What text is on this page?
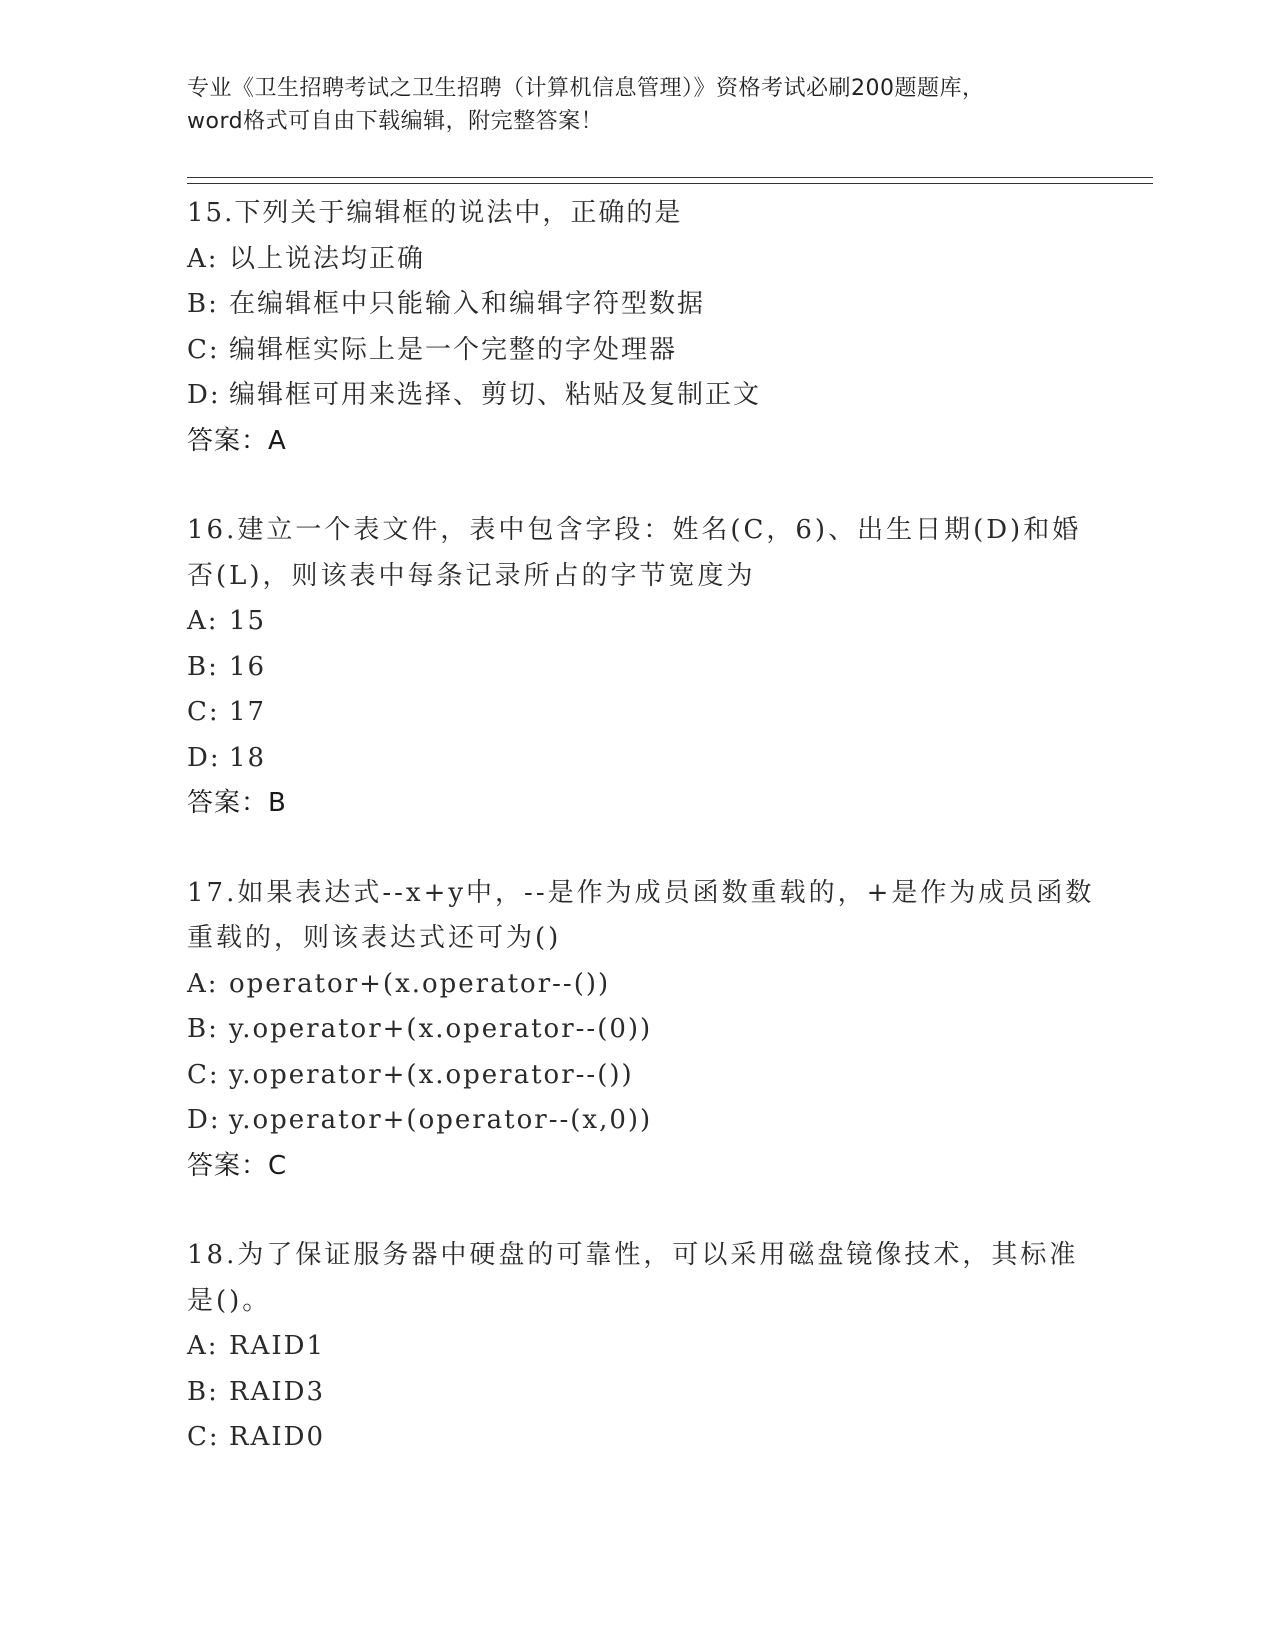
专业《卫生招聘考试之卫生招聘（计算机信息管理）》资格考试必刷200题题库，
word格式可自由下载编辑，附完整答案！
15.下列关于编辑框的说法中，正确的是
A: 以上说法均正确
B: 在编辑框中只能输入和编辑字符型数据
C: 编辑框实际上是一个完整的字处理器
D: 编辑框可用来选择、剪切、粘贴及复制正文
答案：A
16.建立一个表文件，表中包含字段：姓名(C，6)、出生日期(D)和婚
否(L)，则该表中每条记录所占的字节宽度为
A: 15
B: 16
C: 17
D: 18
答案：B
17.如果表达式--x+y中，--是作为成员函数重载的，+是作为成员函数
重载的，则该表达式还可为()
A: operator+(x.operator--())
B: y.operator+(x.operator--(0))
C: y.operator+(x.operator--())
D: y.operator+(operator--(x,0))
答案：C
18.为了保证服务器中硬盘的可靠性，可以采用磁盘镜像技术，其标准
是()。
A: RAID1
B: RAID3
C: RAID0
